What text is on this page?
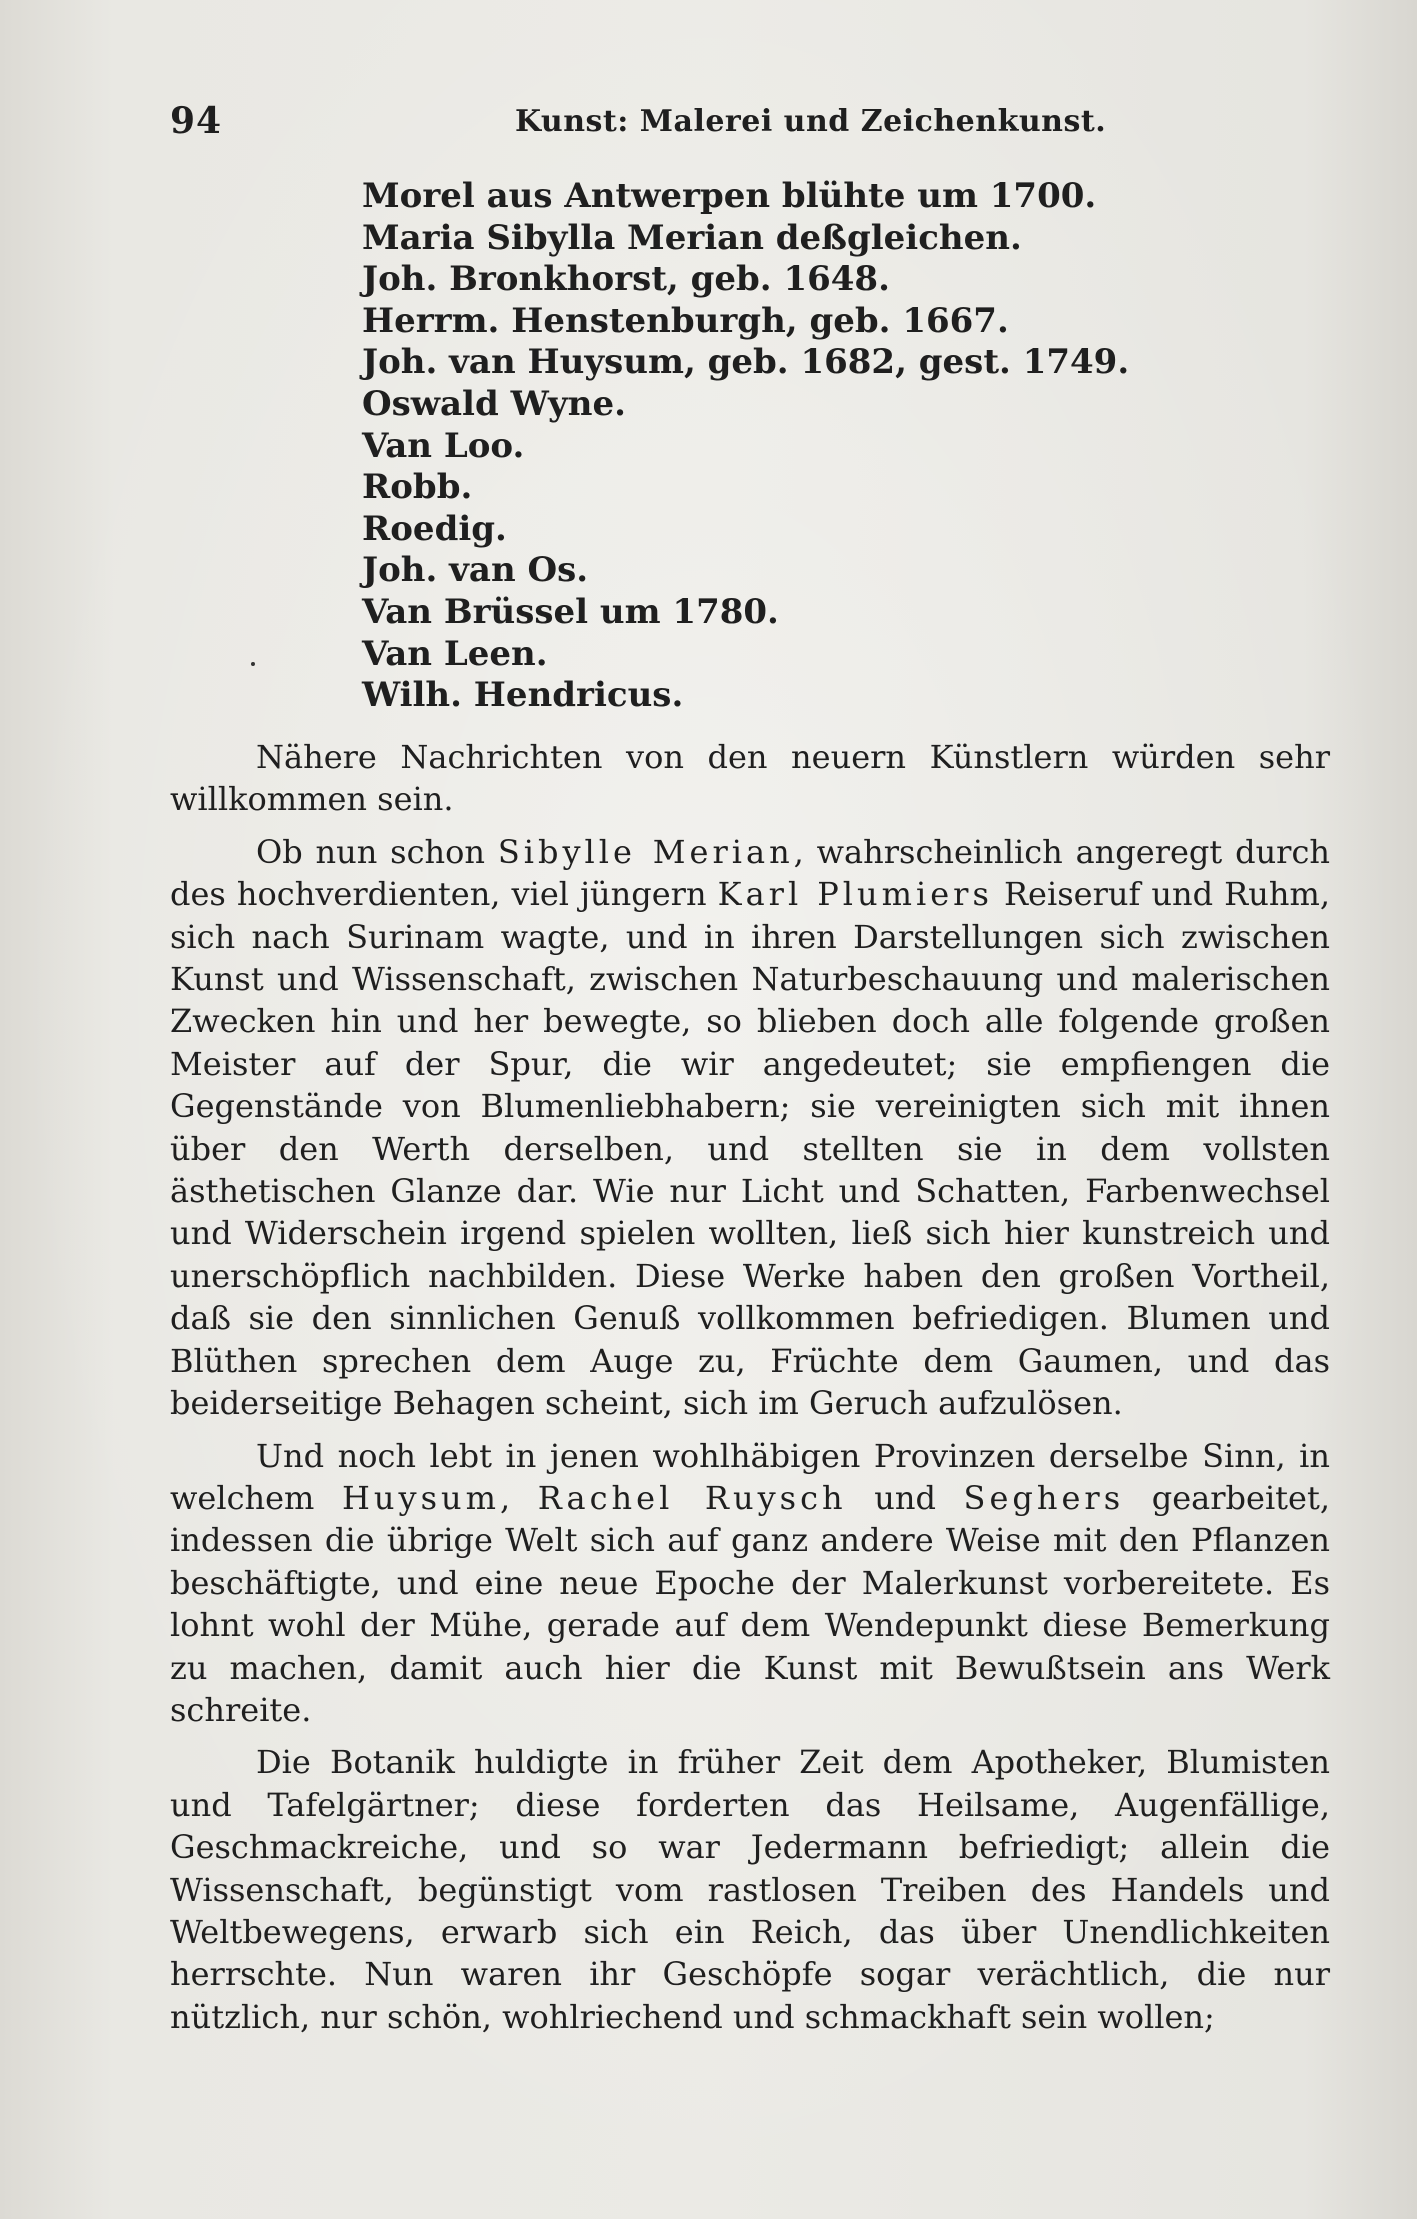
94	Kunst: Malerei und Zeichenkunst.
Morel aus Antwerpen blühte um 1700.
Maria Sibylla Merian deßgleichen.
Joh. Bronkhorst, geb. 1648.
Herrm. Henstenburgh, geb. 1667.
Joh. van Huysum, geb. 1682, gest. 1749.
Oswald Wyne.
Van Loo.
Robb.
Roedig.
Joh. van Os.
Van Brüssel um 1780.
Van Leen.
Wilh. Hendricus.

Nähere Nachrichten von den neuern Künstlern würden sehr willkommen sein.

Ob nun schon Sibylle Merian, wahrscheinlich angeregt durch des hochverdienten, viel jüngern Karl Plumiers Reiseruf und Ruhm, sich nach Surinam wagte, und in ihren Darstellungen sich zwischen Kunst und Wissenschaft, zwischen Naturbeschauung und malerischen Zwecken hin und her bewegte, so blieben doch alle folgende großen Meister auf der Spur, die wir angedeutet; sie empfiengen die Gegenstände von Blumenliebhabern; sie vereinigten sich mit ihnen über den Werth derselben, und stellten sie in dem vollsten ästhetischen Glanze dar. Wie nur Licht und Schatten, Farbenwechsel und Widerschein irgend spielen wollten, ließ sich hier kunstreich und unerschöpflich nachbilden. Diese Werke haben den großen Vortheil, daß sie den sinnlichen Genuß vollkommen befriedigen. Blumen und Blüthen sprechen dem Auge zu, Früchte dem Gaumen, und das beiderseitige Behagen scheint, sich im Geruch aufzulösen.

Und noch lebt in jenen wohlhäbigen Provinzen derselbe Sinn, in welchem Huysum, Rachel Ruysch und Seghers gearbeitet, indessen die übrige Welt sich auf ganz andere Weise mit den Pflanzen beschäftigte, und eine neue Epoche der Malerkunst vorbereitete. Es lohnt wohl der Mühe, gerade auf dem Wendepunkt diese Bemerkung zu machen, damit auch hier die Kunst mit Bewußtsein ans Werk schreite.

Die Botanik huldigte in früher Zeit dem Apotheker, Blumisten und Tafelgärtner; diese forderten das Heilsame, Augenfällige, Geschmackreiche, und so war Jedermann befriedigt; allein die Wissenschaft, begünstigt vom rastlosen Treiben des Handels und Weltbewegens, erwarb sich ein Reich, das über Unendlichkeiten herrschte. Nun waren ihr Geschöpfe sogar verächtlich, die nur nützlich, nur schön, wohlriechend und schmackhaft sein wollen;
